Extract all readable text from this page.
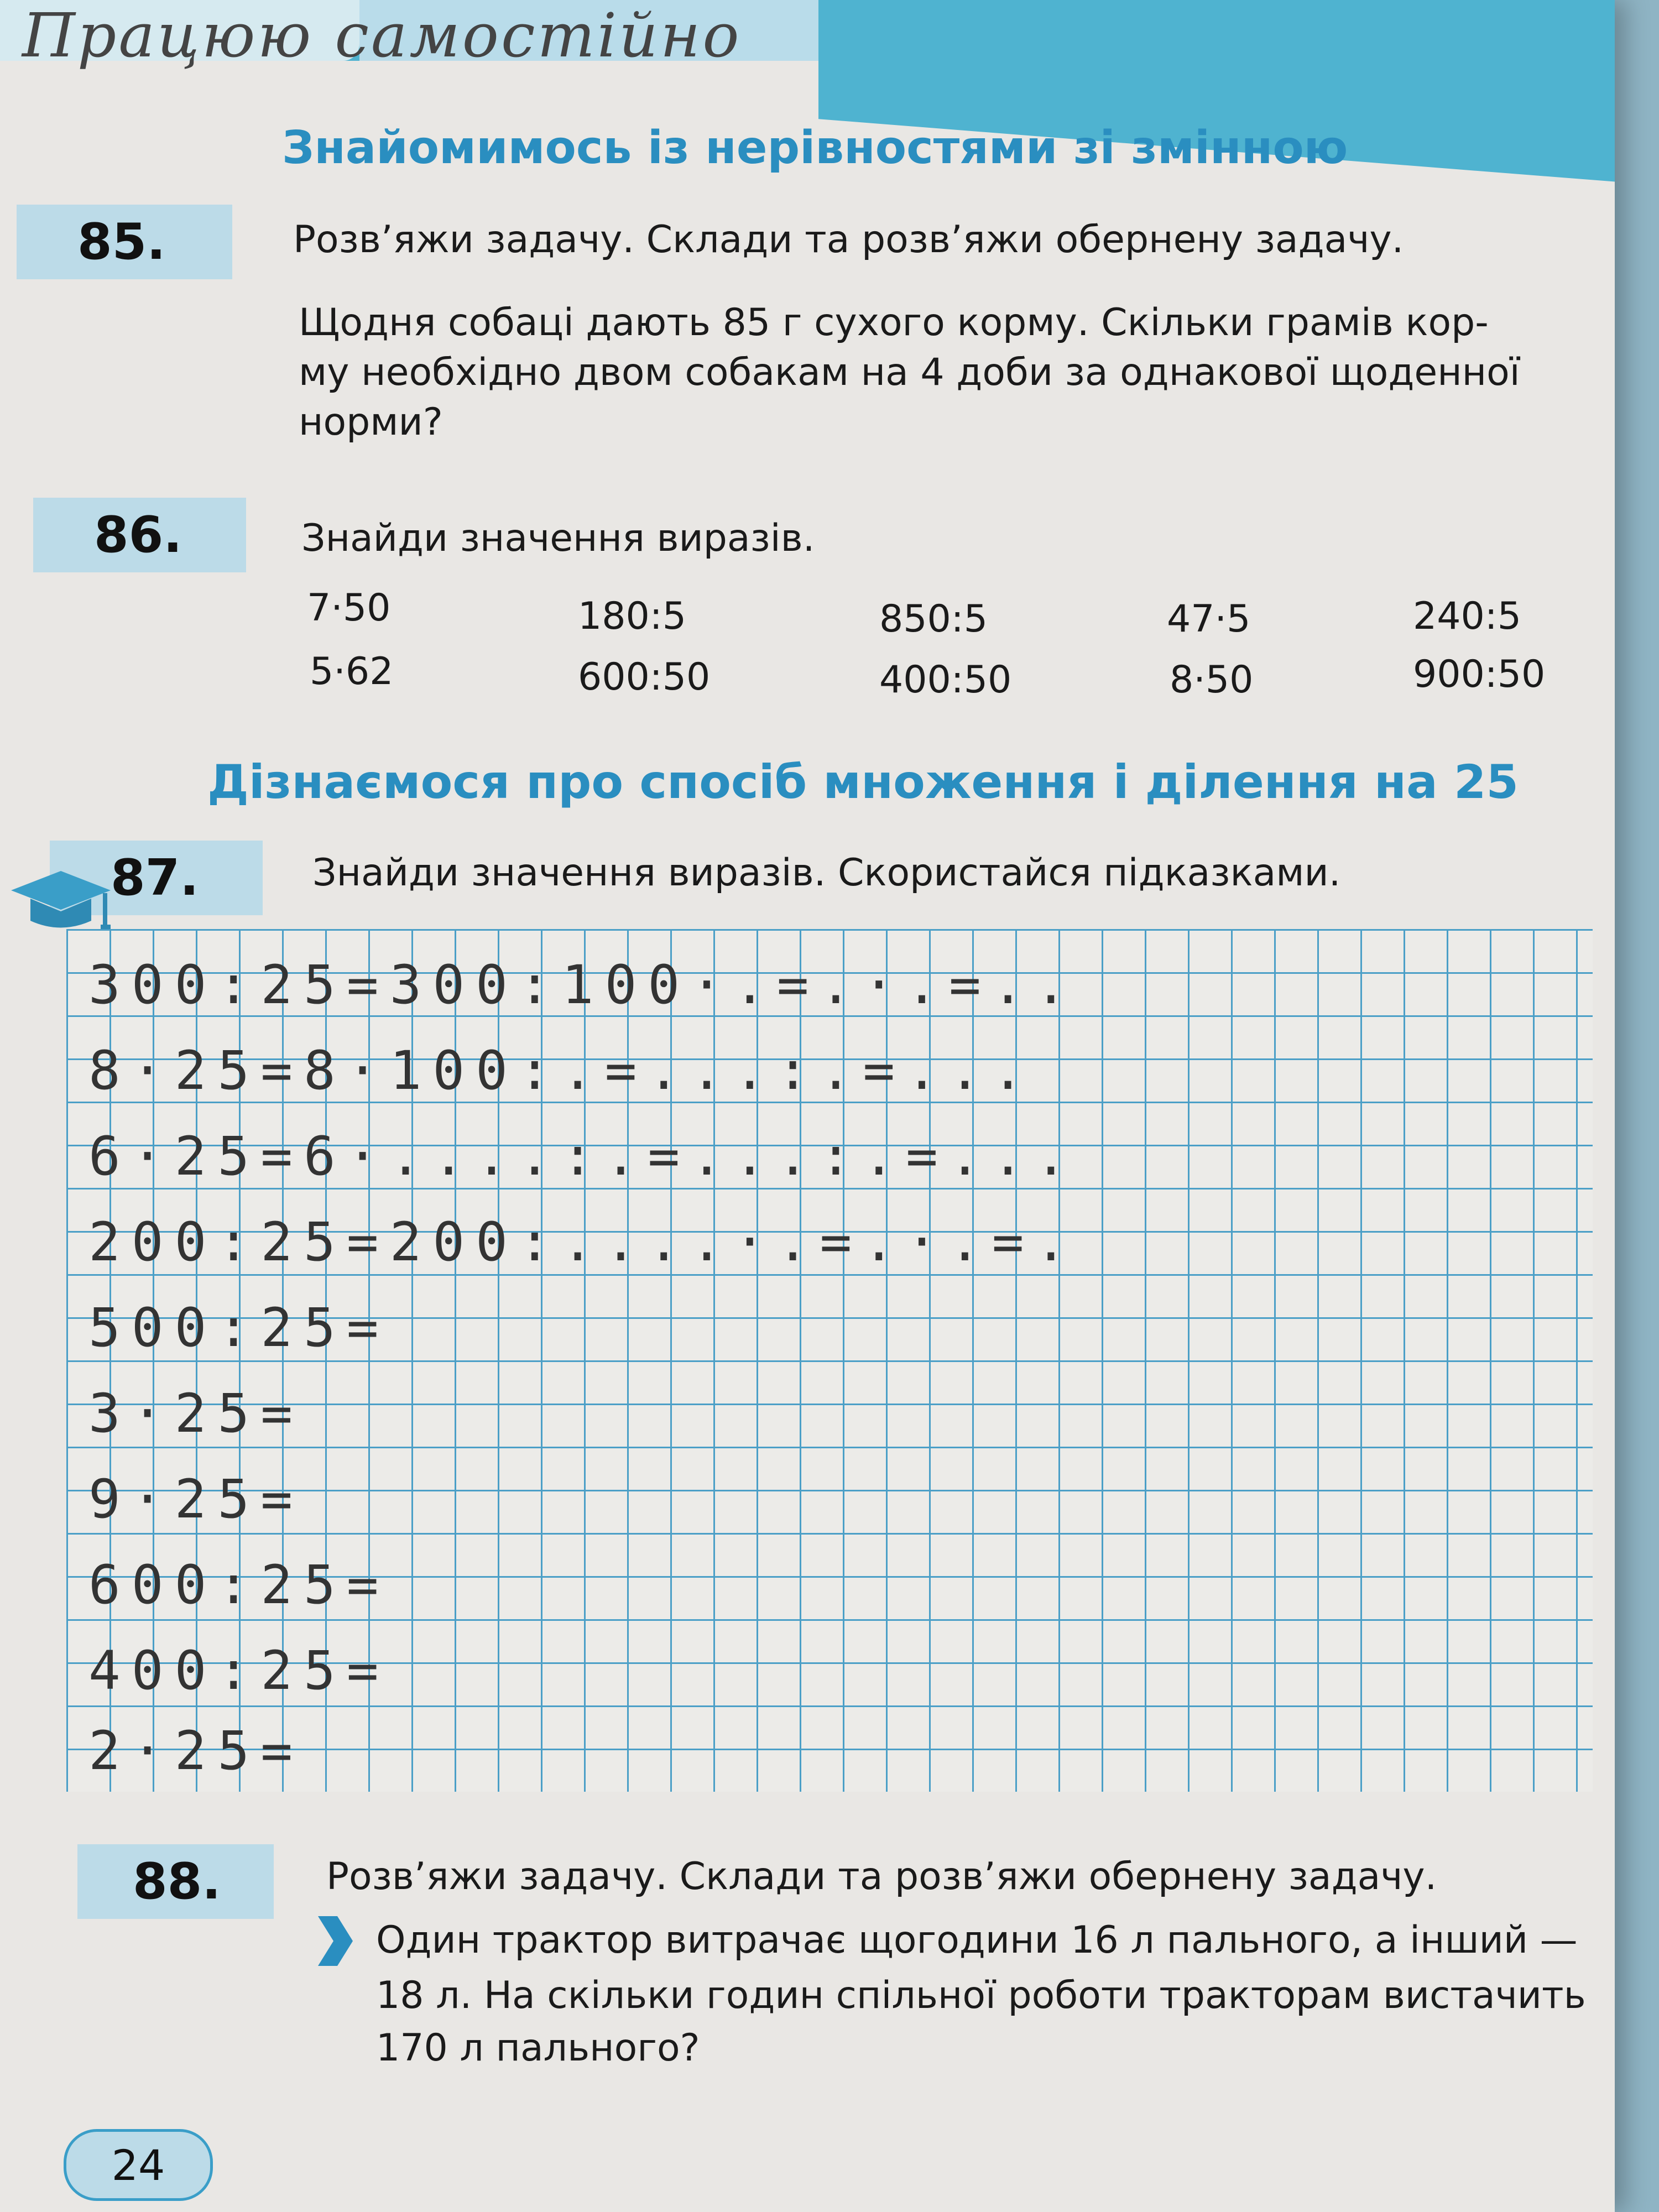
Працюю самостійно
Знайомимось із нерівностями зі змінною
85.	Розв’яжи задачу. Склади та розв’яжи обернену задачу.
Щодня собаці дають 85 г сухого корму. Скільки грамів кор-
му необхідно двом собакам на 4 доби за однакової щоденної
норми?
86.	Знайди значення виразів.
7·50	180:5	850:5	47·5	240:5
5·62	600:50	400:50	8·50	900:50
Дізнаємося про спосіб множення і ділення на 25
87.	Знайди значення виразів. Скористайся підказками.
300:25=300:100·.=.·.=..
8·25=8·100:.=...:.=...
6·25=6·....:.=...:.=...
200:25=200:....·.=.·.=.
500:25=
3·25=
9·25=
600:25=
400:25=
2·25=
88.	Розв’яжи задачу. Склади та розв’яжи обернену задачу.
Один трактор витрачає щогодини 16 л пального, а інший —
18 л. На скільки годин спільної роботи тракторам вистачить
170 л пального?
24
